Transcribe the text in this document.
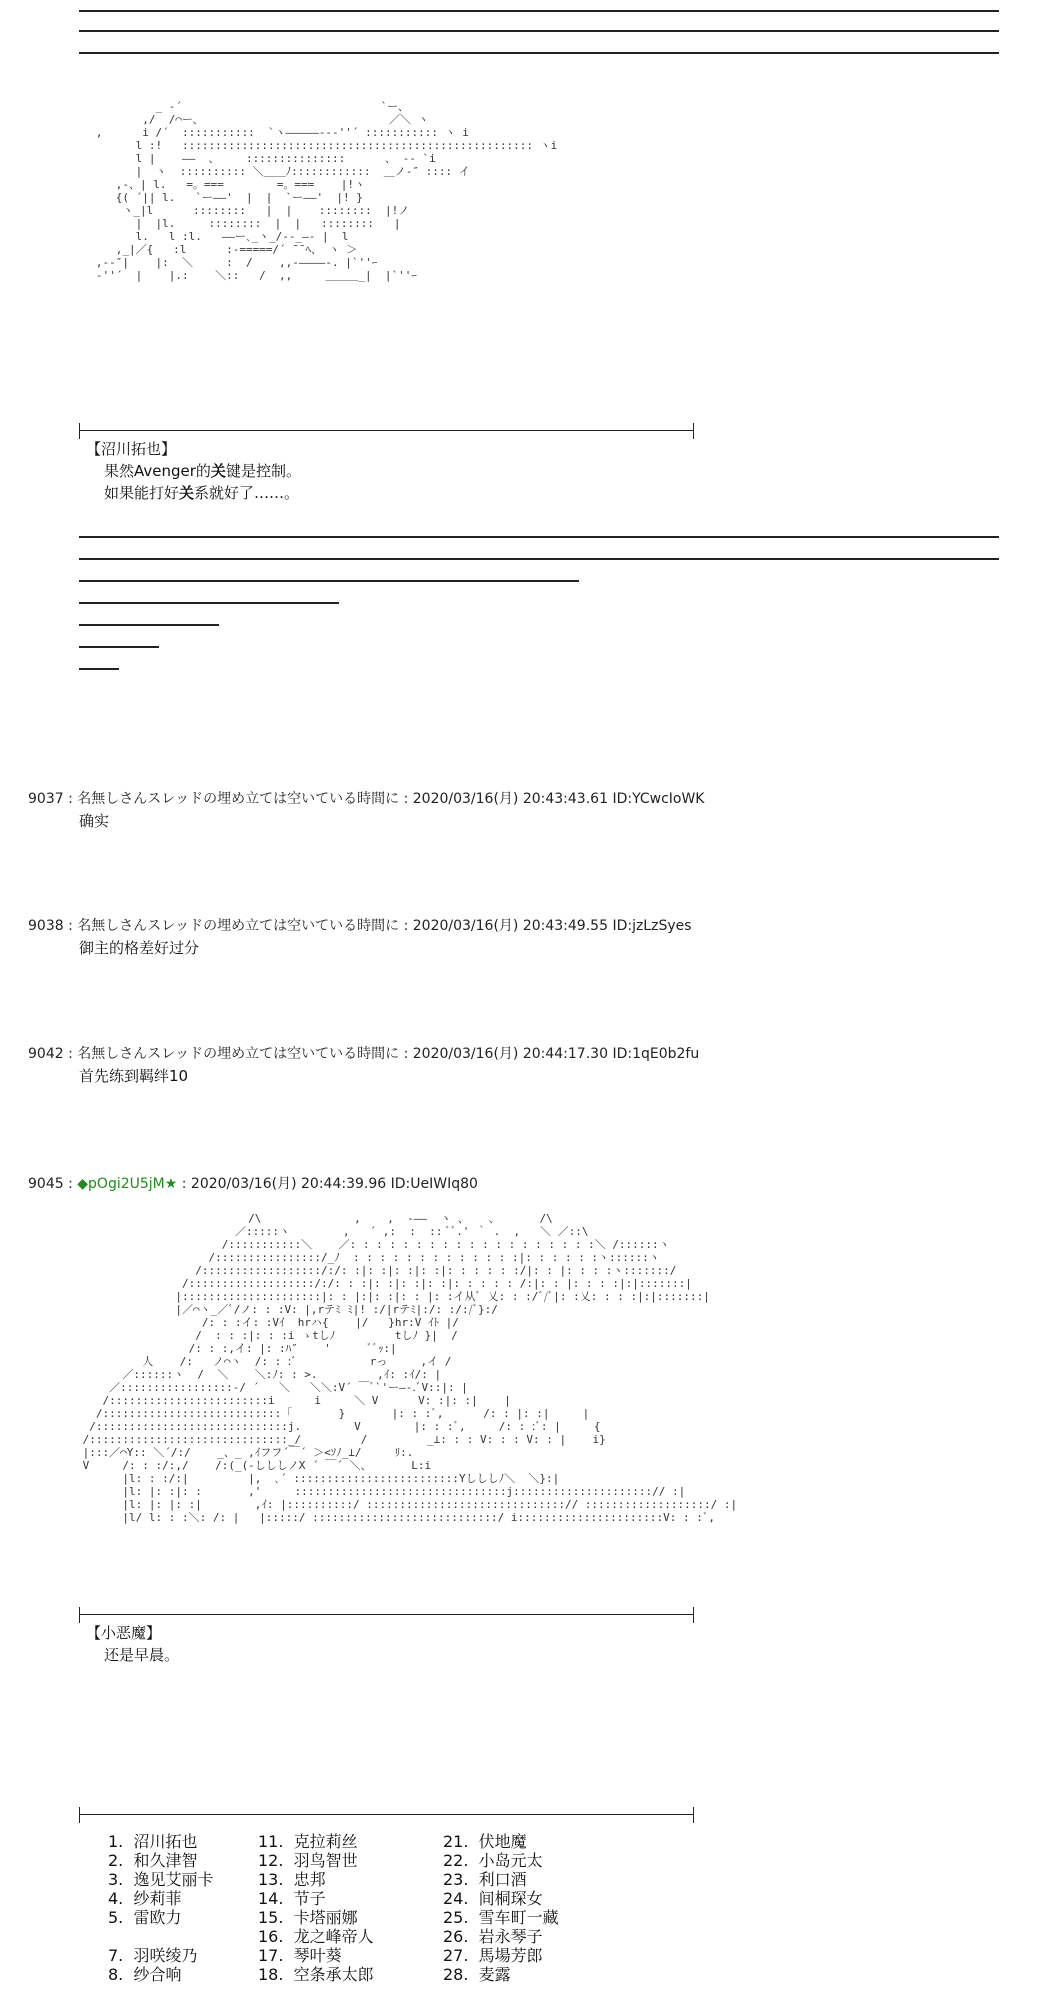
_ -´                              `ー、
,/  /⌒ー、                            ／＼ ヽ
,      i /´  :::::::::::  `ヽ―――――‐-‐''´ ::::::::::: ヽ i
l :!   ::::::::::::::::::::::::::::::::::::::::::::::::::::: ヽi
l |    ――  、    :::::::::::::::      、 ‐‐ `i
|  ヽ  :::::::::: ＼＿＿ﾉ::::::::::::  ＿ノ‐″ :::: イ
,‐、| l.   =。===        =。===    |!ヽ
{( ´|| l.   `ー――'  |  |  `ー――'  |! }
ヽ_|l      ::::::::   |  |    ::::::::  |!ノ
|  |l.     ::::::::  |  |   ::::::::   |
l.   l :l.   ――ー､_ヽ_/‐‐_―‐ |  l
,_|／{   :l      :‐=====/´ ̄ ̄ ﾍ、 ヽ ＞
,-‐″|    |:  ＼     :  /    ,,‐――――‐. |`''ｰ
-''´  |    |.:    ＼::   /  ,,     ＿＿＿_|  |`''ｰ

【沼川拓也】
果然Avenger的关键是控制。
如果能打好关系就好了……。
9037 : 名無しさんスレッドの埋め立ては空いている時間に : 2020/03/16(月) 20:43:43.61 ID:YCwcIoWK
确实
9038 : 名無しさんスレッドの埋め立ては空いている時間に : 2020/03/16(月) 20:43:49.55 ID:jzLzSyes
御主的格差好过分
9042 : 名無しさんスレッドの埋め立ては空いている時間に : 2020/03/16(月) 20:44:17.30 ID:1qE0b2fu
首先练到羁绊10
9045 : ◆pOgi2U5jM★ : 2020/03/16(月) 20:44:39.96 ID:UeIWIq80
/\              ,    ,  ‐――  ヽ 、   、      /\
／:::::ヽ        ,   ´ ,:  :  :: ﾞﾞ.' ｀ .  ,   ＼ ／::\
/:::::::::::＼    ／: : : : : : : : : : : : : : : : : : :＼ /::::::ヽ
/::::::::::::::::/_ﾉ  : : : : : : : : : : : : :|: : : : : :ヽ::::::ヽ
/::::::::::::::::::/:/: :|: :|: :|: :|: : : : : :/|: : |: : : :ヽ:::::::/
/:::::::::::::::::::/:/: : :|: :|: :|: :|: : : : : /:|: : |: : : :|:|:::::::|
|:::::::::::::::::::::|: : |:|: :|: : |: :イ从ﾞ 乂: : :/ﾞ/ﾞ|: :乂: : : :|:|:::::::|
|／⌒ヽ_／ﾞ/ノ: : :V: |,rテﾐ ﾐ|! :/|rテﾐ|:/: :/:/ﾞ}:/
/: : :イ: :Vｲ  hrハ{    |/   }hr:V ｲﾄ |/
/  : : :|: : :i ゝtしﾉ         tしﾉ }|  /
/: : :,イ: |: :ﾊ″    '      ﾞﾞｯ:|
人    /:   ノ⌒ヽ  /: : :ﾞ           rっ     ,イ /
／::::::ヽ  /  ＼    ＼:ﾉ: : >.         ,ｲ: :ｲ/: |
／:::::::::::::::::-/ ´   ＼   ＼＼:V´ ￣ﾞ`'ー―‐.ﾞV::|: |
/::::::::::::::::::::::::i      i     ＼ V      V: :|: :|    |
/:::::::::::::::::::::::::::「       }       |: : :ﾞ,      /: : |: :|     |
/:::::::::::::::::::::::::::::j.        V        |: : :ﾞ,     /: : :ﾞ: |     {
/::::::::::::::::::::::::::::::_/         /         _⊥: : : V: : : V: : |    i}
|:::／⌒Y:: ＼´/:/    _、_ ,ｲフフ´￣´ ＞<ｿﾉ_⊥/     ﾘ:.
V     /: : :/:,/    /:(_(‐しししノX ´ ￣´ ＼、      L:i
|l: : :/:|         |,  ､´ :::::::::::::::::::::::::Yしししﾉ＼  ＼}:|
|l: |: :|: :       ,'     ::::::::::::::::::::::::::::::::j:::::::::::::::::::::// :|
|l: |: |: :|        ,ｲ: |::::::::::/ ::::::::::::::::::::::::::::::// :::::::::::::::::::/ :|
|l/ l: : :＼: /: |   |:::::/ ::::::::::::::::::::::::::::/ i::::::::::::::::::::::V: : :ﾞ,

【小恶魔】
还是早晨。
1.  沼川拓也
2.  和久津智
3.  逸见艾丽卡
4.  纱莉菲
5.  雷欧力
7.  羽咲绫乃
8.  纱合响
11.  克拉莉丝
12.  羽鸟智世
13.  忠邦
14.  节子
15.  卡塔丽娜
16.  龙之峰帝人
17.  琴叶葵
18.  空条承太郎
21.  伏地魔
22.  小岛元太
23.  利口酒
24.  间桐琛女
25.  雪车町一藏
26.  岩永琴子
27.  馬場芳郎
28.  麦露
